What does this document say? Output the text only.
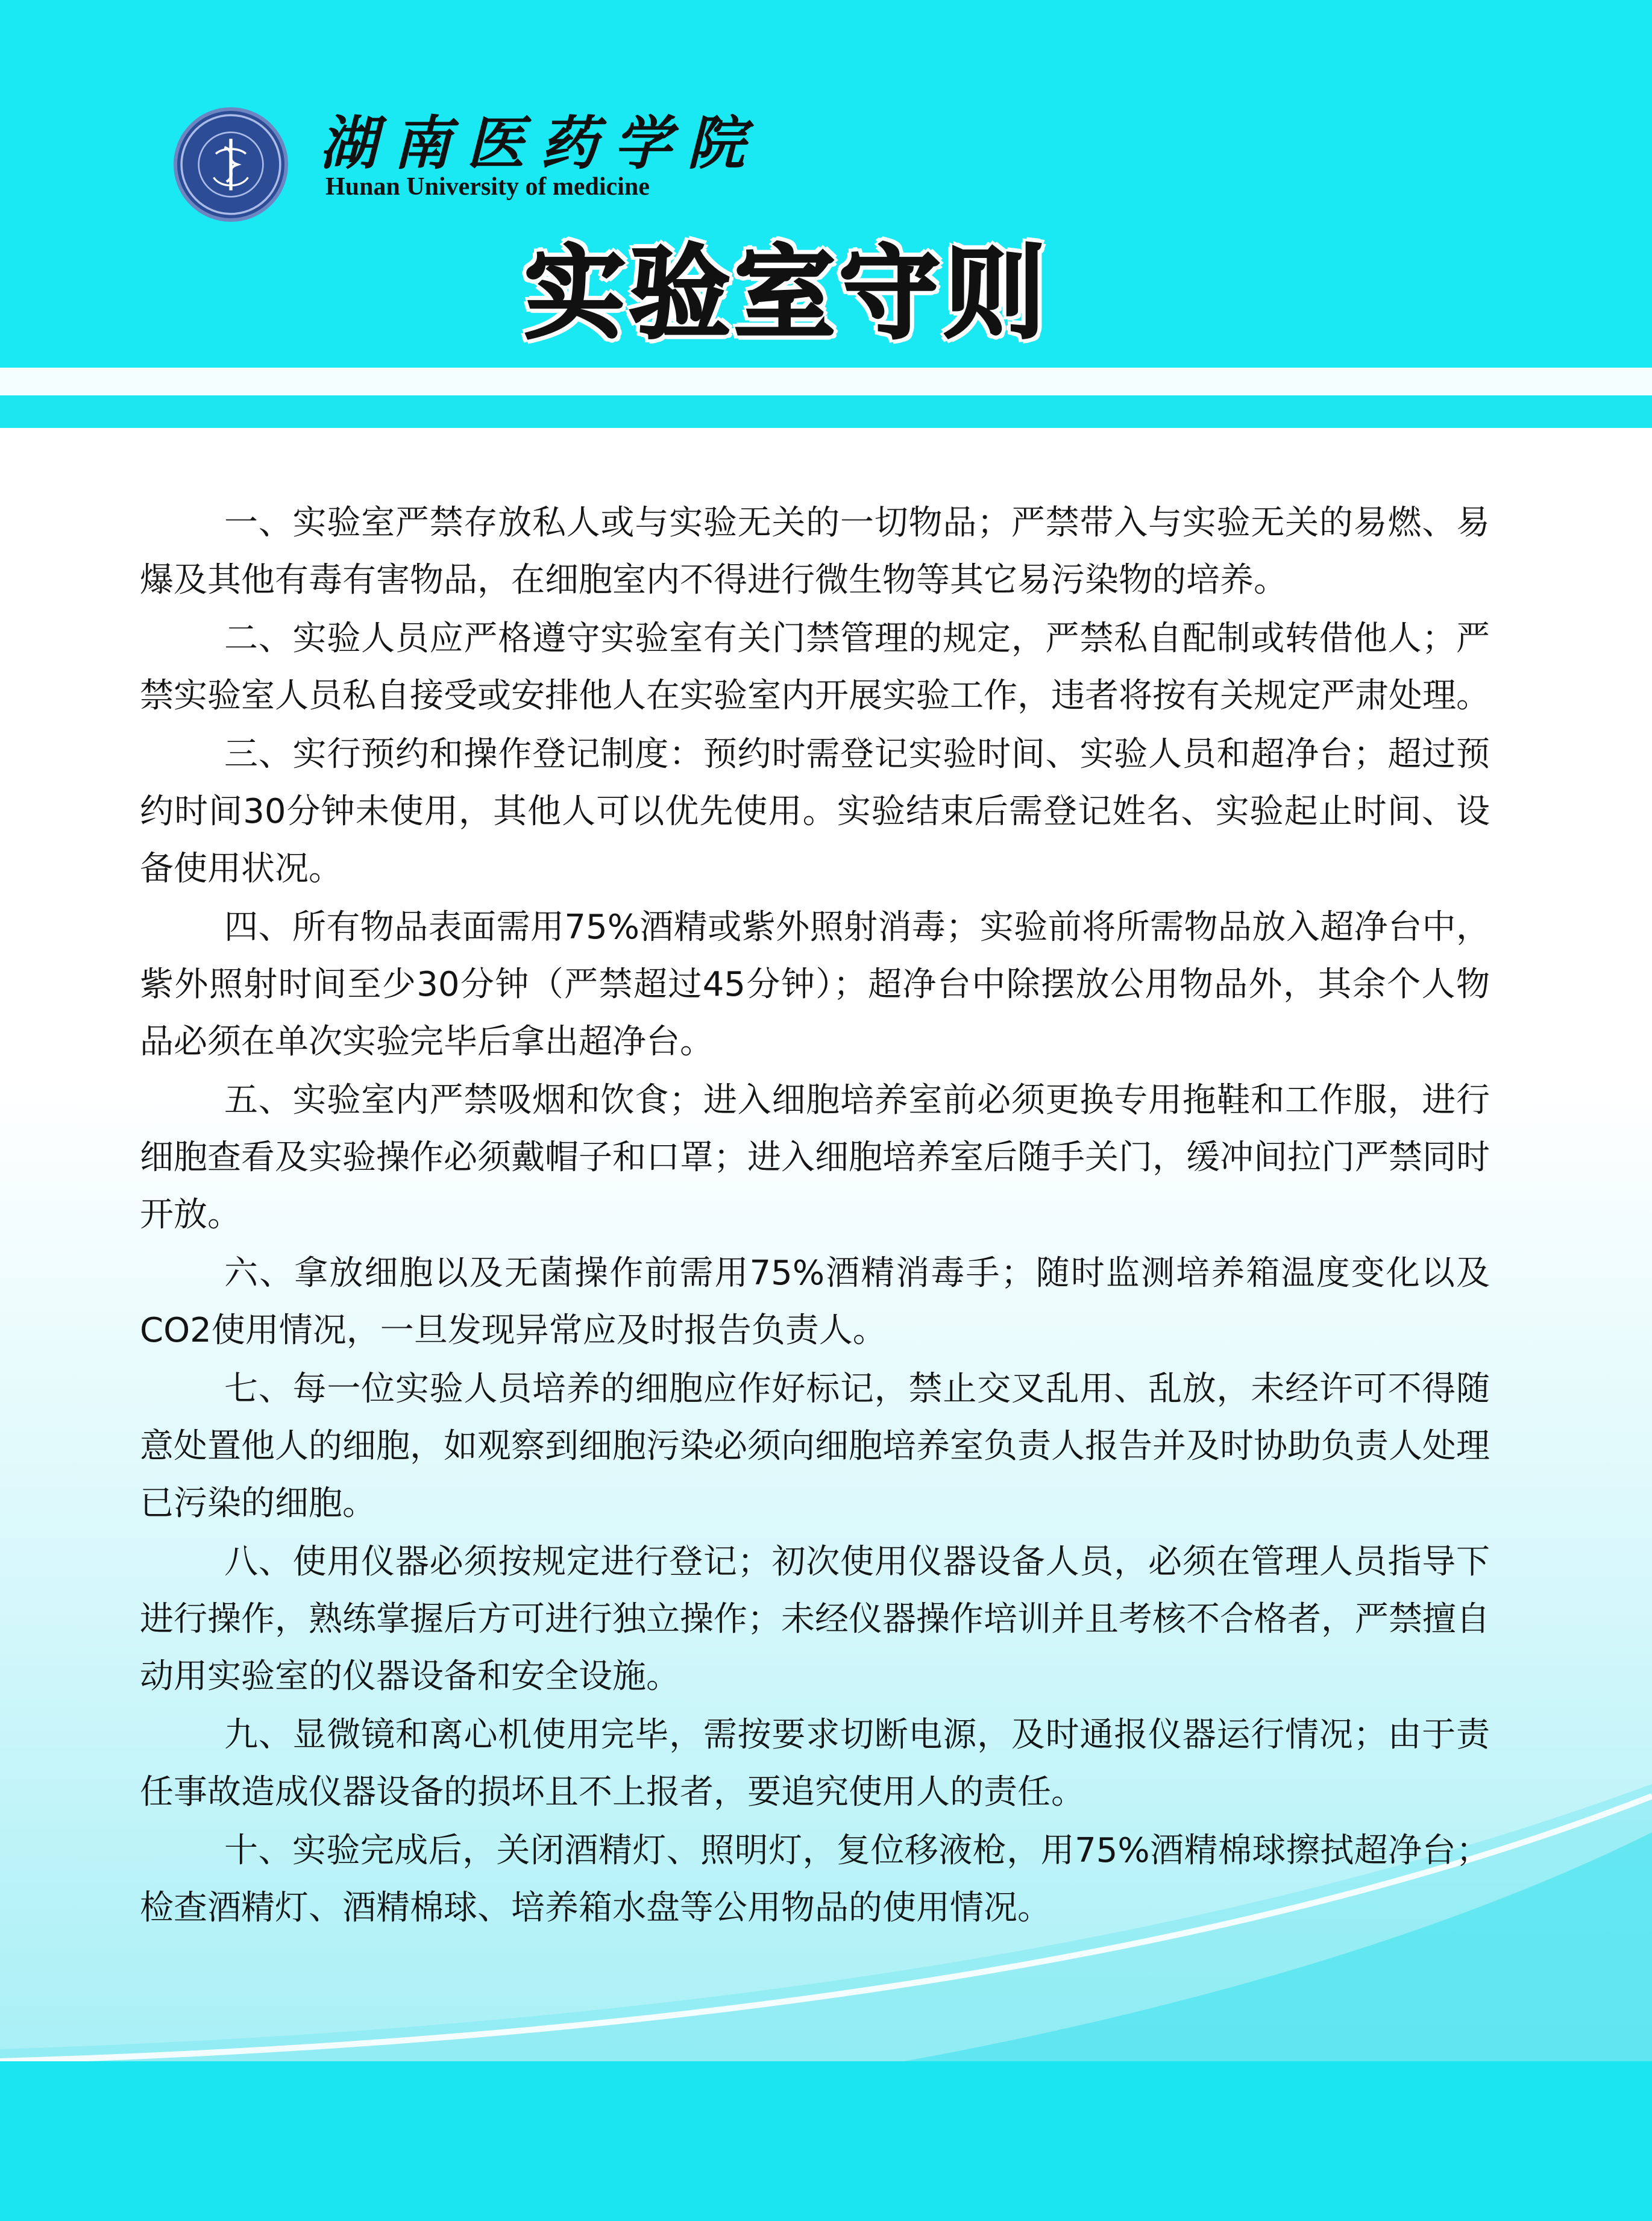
湖南医药学院
Hunan University of medicine
实验室守则

一、实验室严禁存放私人或与实验无关的一切物品；严禁带入与实验无关的易燃、易爆及其他有毒有害物品，在细胞室内不得进行微生物等其它易污染物的培养。

二、实验人员应严格遵守实验室有关门禁管理的规定，严禁私自配制或转借他人；严禁实验室人员私自接受或安排他人在实验室内开展实验工作，违者将按有关规定严肃处理。

三、实行预约和操作登记制度：预约时需登记实验时间、实验人员和超净台；超过预约时间30分钟未使用，其他人可以优先使用。实验结束后需登记姓名、实验起止时间、设备使用状况。

四、所有物品表面需用75%酒精或紫外照射消毒；实验前将所需物品放入超净台中，紫外照射时间至少30分钟（严禁超过45分钟）；超净台中除摆放公用物品外，其余个人物品必须在单次实验完毕后拿出超净台。

五、实验室内严禁吸烟和饮食；进入细胞培养室前必须更换专用拖鞋和工作服，进行细胞查看及实验操作必须戴帽子和口罩；进入细胞培养室后随手关门，缓冲间拉门严禁同时开放。

六、拿放细胞以及无菌操作前需用75%酒精消毒手；随时监测培养箱温度变化以及CO2使用情况，一旦发现异常应及时报告负责人。

七、每一位实验人员培养的细胞应作好标记，禁止交叉乱用、乱放，未经许可不得随意处置他人的细胞，如观察到细胞污染必须向细胞培养室负责人报告并及时协助负责人处理已污染的细胞。

八、使用仪器必须按规定进行登记；初次使用仪器设备人员，必须在管理人员指导下进行操作，熟练掌握后方可进行独立操作；未经仪器操作培训并且考核不合格者，严禁擅自动用实验室的仪器设备和安全设施。

九、显微镜和离心机使用完毕，需按要求切断电源，及时通报仪器运行情况；由于责任事故造成仪器设备的损坏且不上报者，要追究使用人的责任。

十、实验完成后，关闭酒精灯、照明灯，复位移液枪，用75%酒精棉球擦拭超净台；检查酒精灯、酒精棉球、培养箱水盘等公用物品的使用情况。
